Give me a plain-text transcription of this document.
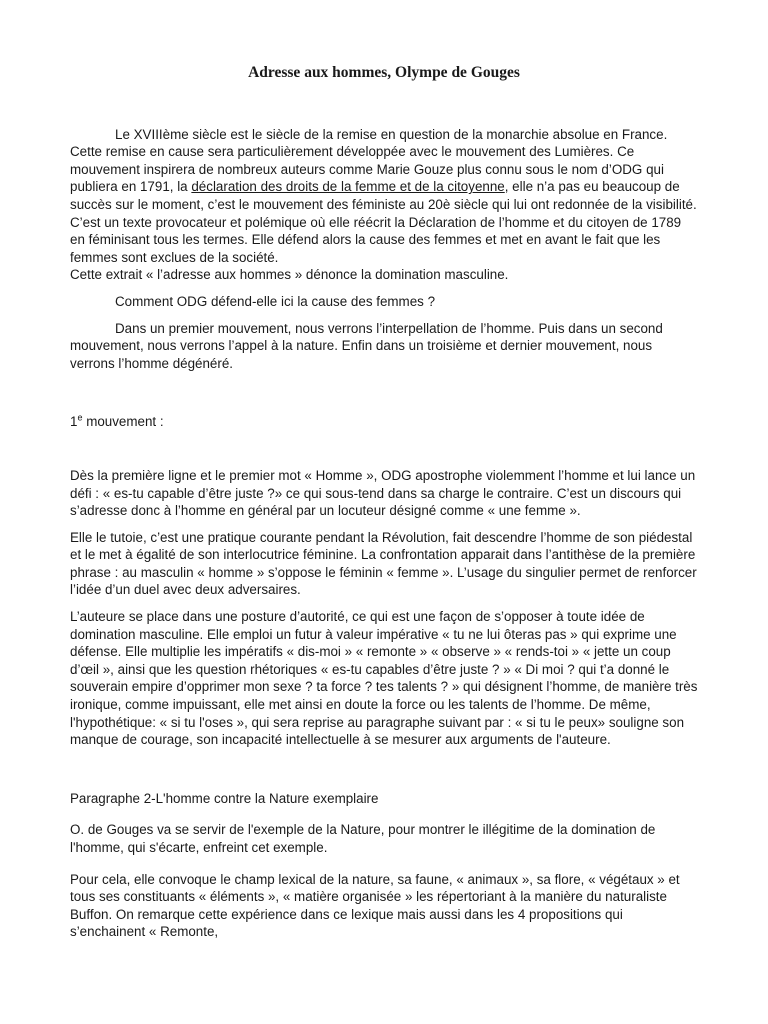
Adresse aux hommes, Olympe de Gouges

Le XVIIIème siècle est le siècle de la remise en question de la monarchie absolue en France. Cette remise en cause sera particulièrement développée avec le mouvement des Lumières. Ce mouvement inspirera de nombreux auteurs comme Marie Gouze plus connu sous le nom d’ODG qui publiera en 1791, la déclaration des droits de la femme et de la citoyenne, elle n’a pas eu beaucoup de succès sur le moment, c’est le mouvement des féministe au 20è siècle qui lui ont redonnée de la visibilité. C’est un texte provocateur et polémique où elle réécrit la Déclaration de l’homme et du citoyen de 1789 en féminisant tous les termes. Elle défend alors la cause des femmes et met en avant le fait que les femmes sont exclues de la société.

Cette extrait « l’adresse aux hommes » dénonce la domination masculine.

Comment ODG défend-elle ici la cause des femmes ?

Dans un premier mouvement, nous verrons l’interpellation de l’homme. Puis dans un second mouvement, nous verrons l’appel à la nature. Enfin dans un troisième et dernier mouvement, nous verrons l’homme dégénéré.

1e mouvement :

Dès la première ligne et le premier mot « Homme », ODG apostrophe violemment l’homme et lui lance un défi : « es-tu capable d’être juste ?» ce qui sous-tend dans sa charge le contraire. C’est un discours qui s’adresse donc à l’homme en général par un locuteur désigné comme « une femme ».

Elle le tutoie, c’est une pratique courante pendant la Révolution, fait descendre l’homme de son piédestal et le met à égalité de son interlocutrice féminine. La confrontation apparait dans l’antithèse de la première phrase : au masculin « homme » s’oppose le féminin « femme ». L’usage du singulier permet de renforcer l’idée d’un duel avec deux adversaires.

L’auteure se place dans une posture d’autorité, ce qui est une façon de s’opposer à toute idée de domination masculine. Elle emploi un futur à valeur impérative « tu ne lui ôteras pas » qui exprime une défense. Elle multiplie les impératifs « dis-moi » « remonte » « observe » « rends-toi » « jette un coup d’œil », ainsi que les question rhétoriques « es-tu capables d’être juste ? » « Di moi ? qui t’a donné le souverain empire d’opprimer mon sexe ? ta force ? tes talents ? » qui désignent l’homme, de manière très ironique, comme impuissant, elle met ainsi en doute la force ou les talents de l’homme. De même, l'hypothétique: « si tu l'oses », qui sera reprise au paragraphe suivant par : « si tu le peux» souligne son manque de courage, son incapacité intellectuelle à se mesurer aux arguments de l'auteure.

Paragraphe 2-L'homme contre la Nature exemplaire

O. de Gouges va se servir de l'exemple de la Nature, pour montrer le illégitime de la domination de l'homme, qui s'écarte, enfreint cet exemple.

Pour cela, elle convoque le champ lexical de la nature, sa faune, « animaux », sa flore, « végétaux » et tous ses constituants « éléments », « matière organisée » les répertoriant à la manière du naturaliste Buffon. On remarque cette expérience dans ce lexique mais aussi dans les 4 propositions qui s’enchainent « Remonte,
